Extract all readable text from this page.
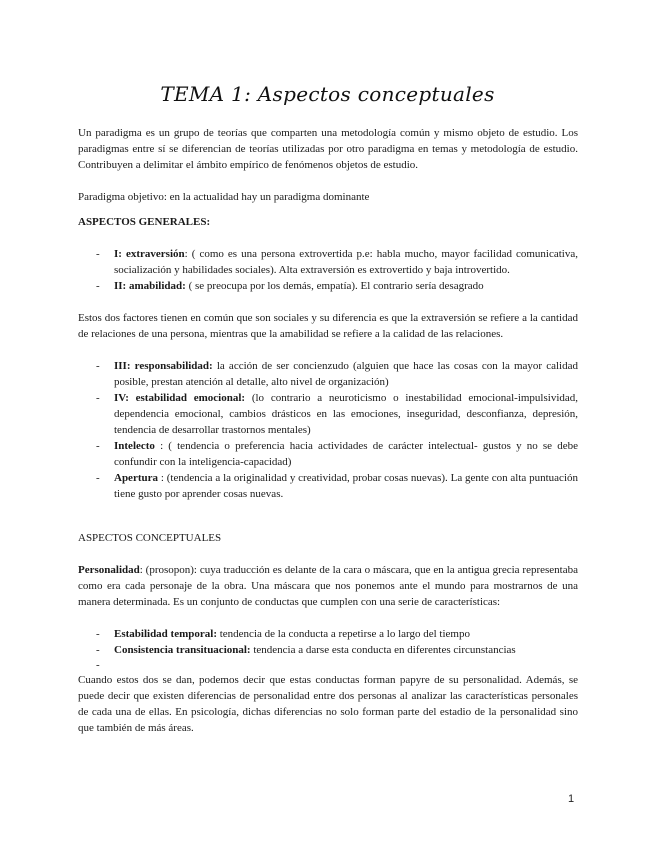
TEMA 1: Aspectos conceptuales

Un paradigma es un grupo de teorías que comparten una metodología común y mismo objeto de estudio. Los paradigmas entre sí se diferencian de teorías utilizadas por otro paradigma en temas y metodología de estudio. Contribuyen a delimitar el ámbito empírico de fenómenos objetos de estudio.

Paradigma objetivo: en la actualidad hay un paradigma dominante

ASPECTOS GENERALES:

- I: extraversión: ( como es una persona extrovertida p.e: habla mucho, mayor facilidad comunicativa, socialización y habilidades sociales). Alta extraversión es extrovertido y baja introvertido.
- II: amabilidad: ( se preocupa por los demás, empatía). El contrario sería desagrado

Estos dos factores tienen en común que son sociales y su diferencia es que la extraversión se refiere a la cantidad de relaciones de una persona, mientras que la amabilidad se refiere a la calidad de las relaciones.

- III: responsabilidad: la acción de ser concienzudo (alguien que hace las cosas con la mayor calidad posible, prestan atención al detalle, alto nivel de organización)
- IV: estabilidad emocional: (lo contrario a neuroticismo o inestabilidad emocional-impulsividad, dependencia emocional, cambios drásticos en las emociones, inseguridad, desconfianza, depresión, tendencia de desarrollar trastornos mentales)
- Intelecto : ( tendencia o preferencia hacia actividades de carácter intelectual- gustos y no se debe confundir con la inteligencia-capacidad)
- Apertura : (tendencia a la originalidad y creatividad, probar cosas nuevas). La gente con alta puntuación tiene gusto por aprender cosas nuevas.

ASPECTOS CONCEPTUALES

Personalidad: (prosopon): cuya traducción es delante de la cara o máscara, que en la antigua grecia representaba como era cada personaje de la obra. Una máscara que nos ponemos ante el mundo para mostrarnos de una manera determinada. Es un conjunto de conductas que cumplen con una serie de características:

- Estabilidad temporal: tendencia de la conducta a repetirse a lo largo del tiempo
- Consistencia transituacional: tendencia a darse esta conducta en diferentes circunstancias
-

Cuando estos dos se dan, podemos decir que estas conductas forman papyre de su personalidad. Además, se puede decir que existen diferencias de personalidad entre dos personas al analizar las características personales de cada una de ellas. En psicología, dichas diferencias no solo forman parte del estadio de la personalidad sino que también de más áreas.

1
